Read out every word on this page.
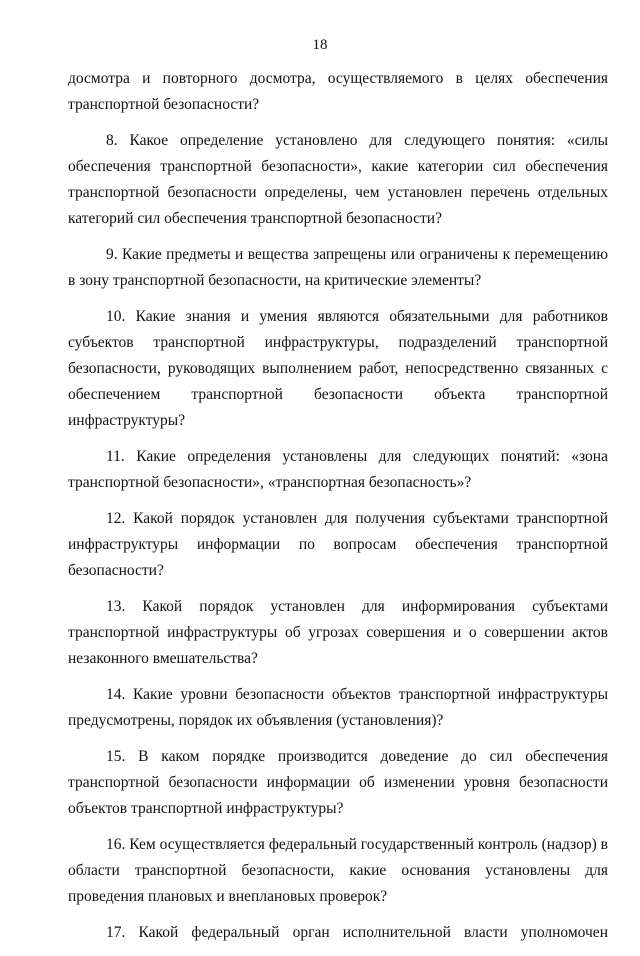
18

досмотра и повторного досмотра, осуществляемого в целях обеспечения транспортной безопасности?

8. Какое определение установлено для следующего понятия: «силы обеспечения транспортной безопасности», какие категории сил обеспечения транспортной безопасности определены, чем установлен перечень отдельных категорий сил обеспечения транспортной безопасности?

9. Какие предметы и вещества запрещены или ограничены к перемещению в зону транспортной безопасности, на критические элементы?

10. Какие знания и умения являются обязательными для работников субъектов транспортной инфраструктуры, подразделений транспортной безопасности, руководящих выполнением работ, непосредственно связанных с обеспечением транспортной безопасности объекта транспортной инфраструктуры?

11. Какие определения установлены для следующих понятий: «зона транспортной безопасности», «транспортная безопасность»?

12. Какой порядок установлен для получения субъектами транспортной инфраструктуры информации по вопросам обеспечения транспортной безопасности?

13. Какой порядок установлен для информирования субъектами транспортной инфраструктуры об угрозах совершения и о совершении актов незаконного вмешательства?

14. Какие уровни безопасности объектов транспортной инфраструктуры предусмотрены, порядок их объявления (установления)?

15. В каком порядке производится доведение до сил обеспечения транспортной безопасности информации об изменении уровня безопасности объектов транспортной инфраструктуры?

16. Кем осуществляется федеральный государственный контроль (надзор) в области транспортной безопасности, какие основания установлены для проведения плановых и внеплановых проверок?

17. Какой федеральный орган исполнительной власти уполномочен
